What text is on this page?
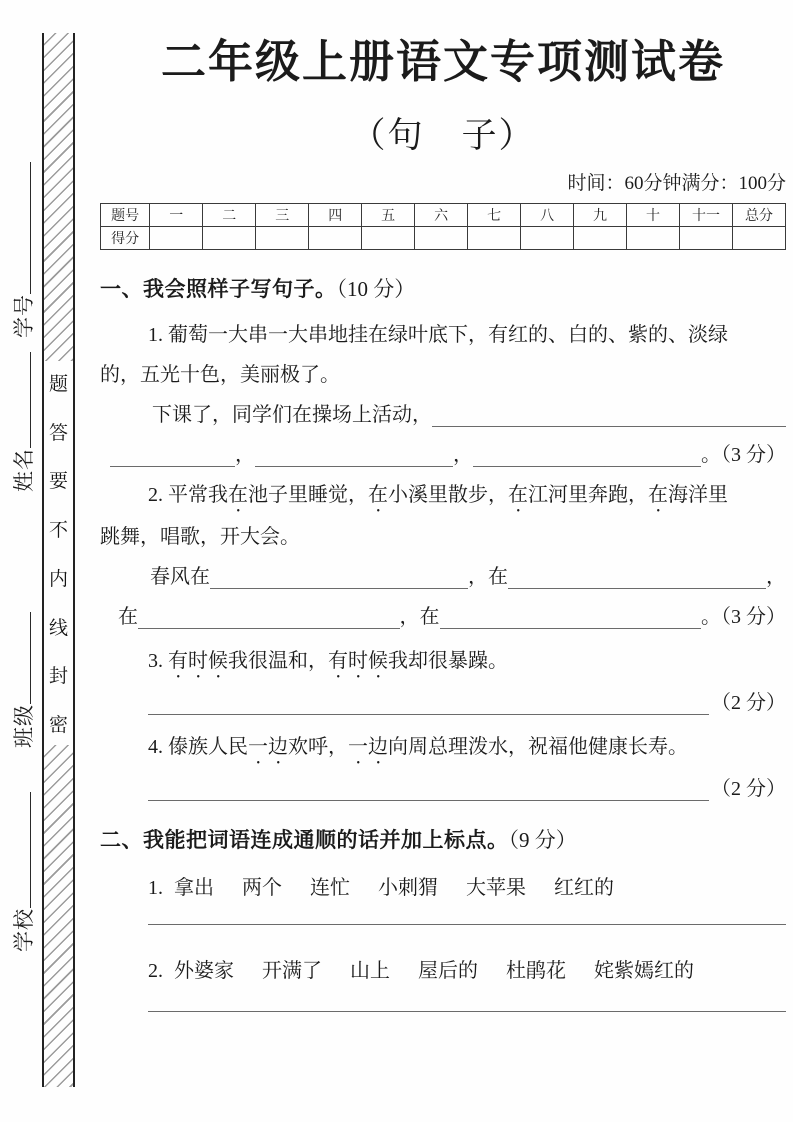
学号
姓名
班级
学校
题
答
要
不
内
线
封
密
二年级上册语文专项测试卷
（句　子）
时间：60分钟满分：100分
题号	一	二	三	四	五	六	七	八	九	十	十一	总分
得分												
一、我会照样子写句子。（10 分）
1. 葡萄一大串一大串地挂在绿叶底下，有红的、白的、紫的、淡绿
的，五光十色，美丽极了。
下课了，同学们在操场上活动，
，	，	。（3 分）
2. 平常我在池子里睡觉，在小溪里散步，在江河里奔跑，在海洋里
跳舞，唱歌，开大会。
春风在	，在	，
在	，在	。（3 分）
3. 有时候我很温和，有时候我却很暴躁。
（2 分）
4. 傣族人民一边欢呼，一边向周总理泼水，祝福他健康长寿。
（2 分）
二、我能把词语连成通顺的话并加上标点。（9 分）
1. 拿出 两个 连忙 小刺猬 大苹果 红红的
2. 外婆家 开满了 山上 屋后的 杜鹃花 姹紫嫣红的
